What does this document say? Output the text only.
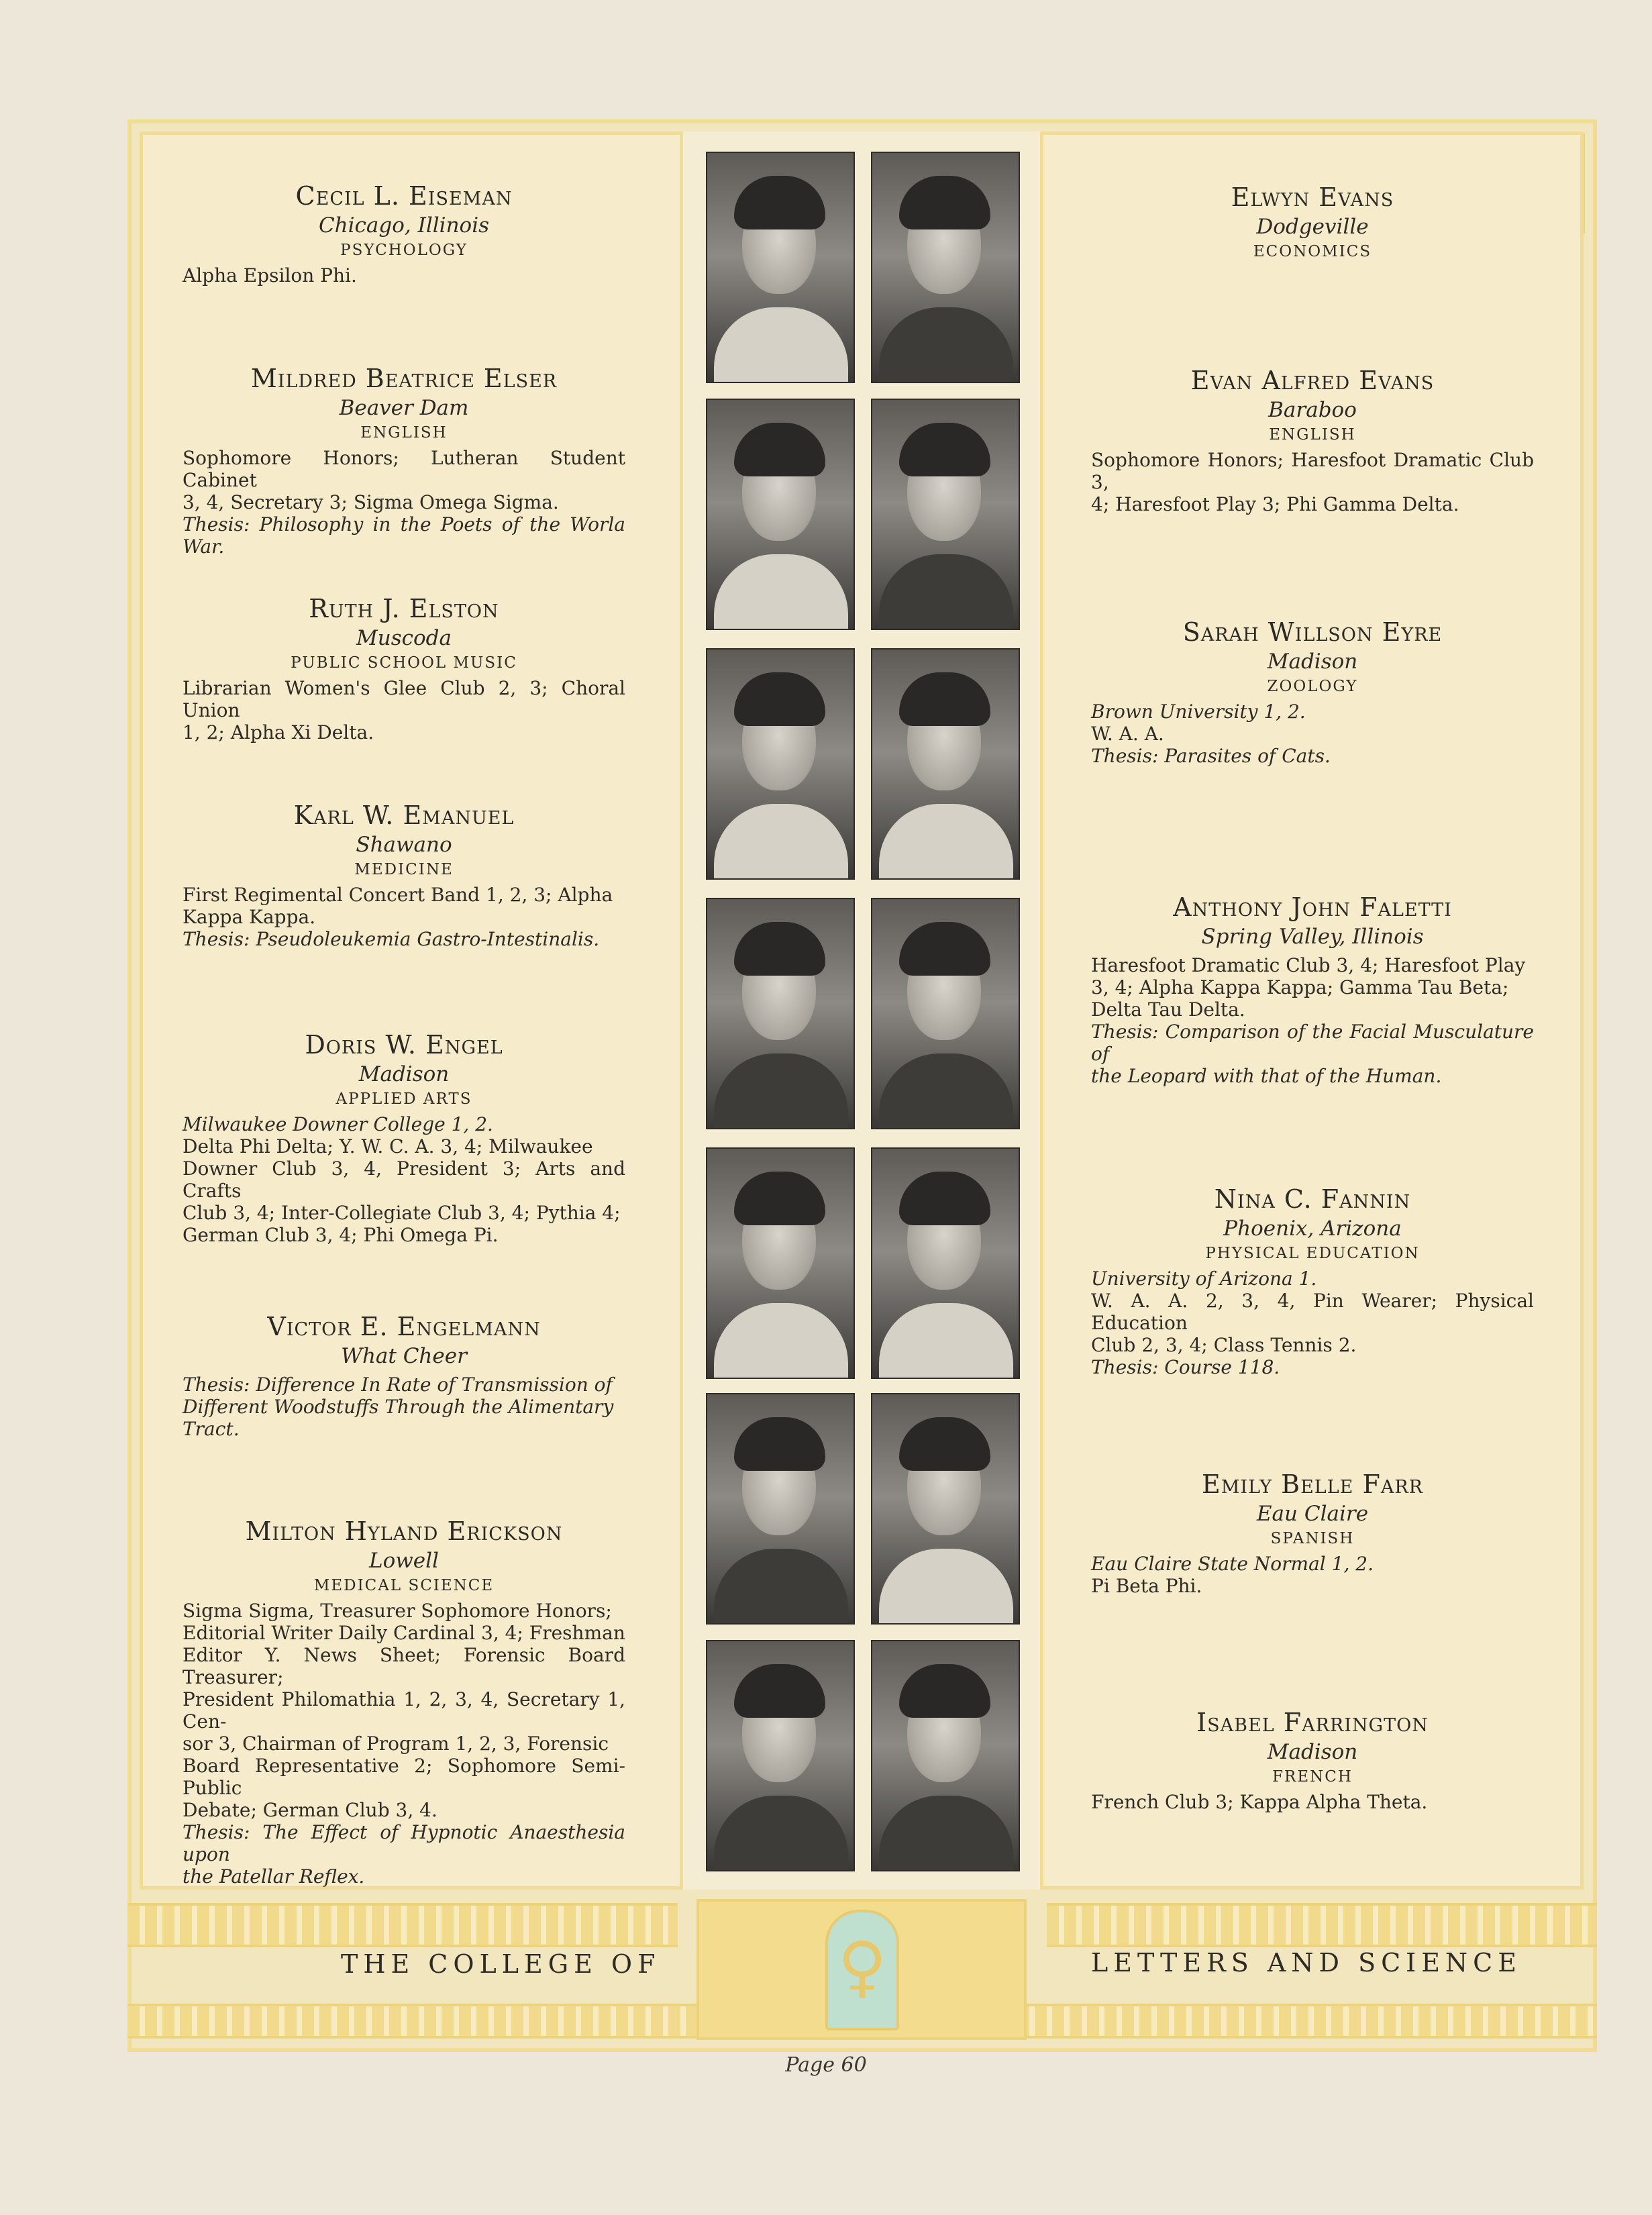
✾
✾
✾
✾
Cecil L. Eiseman
Chicago, Illinois
PSYCHOLOGY
Alpha Epsilon Phi.
Mildred Beatrice Elser
Beaver Dam
ENGLISH
Sophomore Honors; Lutheran Student Cabinet
3, 4, Secretary 3; Sigma Omega Sigma.
Thesis: Philosophy in the Poets of the Worla War.
Ruth J. Elston
Muscoda
PUBLIC SCHOOL MUSIC
Librarian Women's Glee Club 2, 3; Choral Union
1, 2; Alpha Xi Delta.
Karl W. Emanuel
Shawano
MEDICINE
First Regimental Concert Band 1, 2, 3; Alpha
Kappa Kappa.
Thesis: Pseudoleukemia Gastro-Intestinalis.
Doris W. Engel
Madison
APPLIED ARTS
Milwaukee Downer College 1, 2.
Delta Phi Delta; Y. W. C. A. 3, 4; Milwaukee
Downer Club 3, 4, President 3; Arts and Crafts
Club 3, 4; Inter-Collegiate Club 3, 4; Pythia 4;
German Club 3, 4; Phi Omega Pi.
Victor E. Engelmann
What Cheer
Thesis: Difference In Rate of Transmission of
Different Woodstuffs Through the Alimentary
Tract.
Milton Hyland Erickson
Lowell
MEDICAL SCIENCE
Sigma Sigma, Treasurer Sophomore Honors;
Editorial Writer Daily Cardinal 3, 4; Freshman
Editor Y. News Sheet; Forensic Board Treasurer;
President Philomathia 1, 2, 3, 4, Secretary 1, Cen-
sor 3, Chairman of Program 1, 2, 3, Forensic
Board Representative 2; Sophomore Semi-Public
Debate; German Club 3, 4.
Thesis: The Effect of Hypnotic Anaesthesia upon
the Patellar Reflex.
Elwyn Evans
Dodgeville
ECONOMICS
Evan Alfred Evans
Baraboo
ENGLISH
Sophomore Honors; Haresfoot Dramatic Club 3,
4; Haresfoot Play 3; Phi Gamma Delta.
Sarah Willson Eyre
Madison
ZOOLOGY
Brown University 1, 2.
W. A. A.
Thesis: Parasites of Cats.
Anthony John Faletti
Spring Valley, Illinois
Haresfoot Dramatic Club 3, 4; Haresfoot Play
3, 4; Alpha Kappa Kappa; Gamma Tau Beta;
Delta Tau Delta.
Thesis: Comparison of the Facial Musculature of
the Leopard with that of the Human.
Nina C. Fannin
Phoenix, Arizona
PHYSICAL EDUCATION
University of Arizona 1.
W. A. A. 2, 3, 4, Pin Wearer; Physical Education
Club 2, 3, 4; Class Tennis 2.
Thesis: Course 118.
Emily Belle Farr
Eau Claire
SPANISH
Eau Claire State Normal 1, 2.
Pi Beta Phi.
Isabel Farrington
Madison
FRENCH
French Club 3; Kappa Alpha Theta.
THE COLLEGE OF	LETTERS AND SCIENCE
♀
Page 60
